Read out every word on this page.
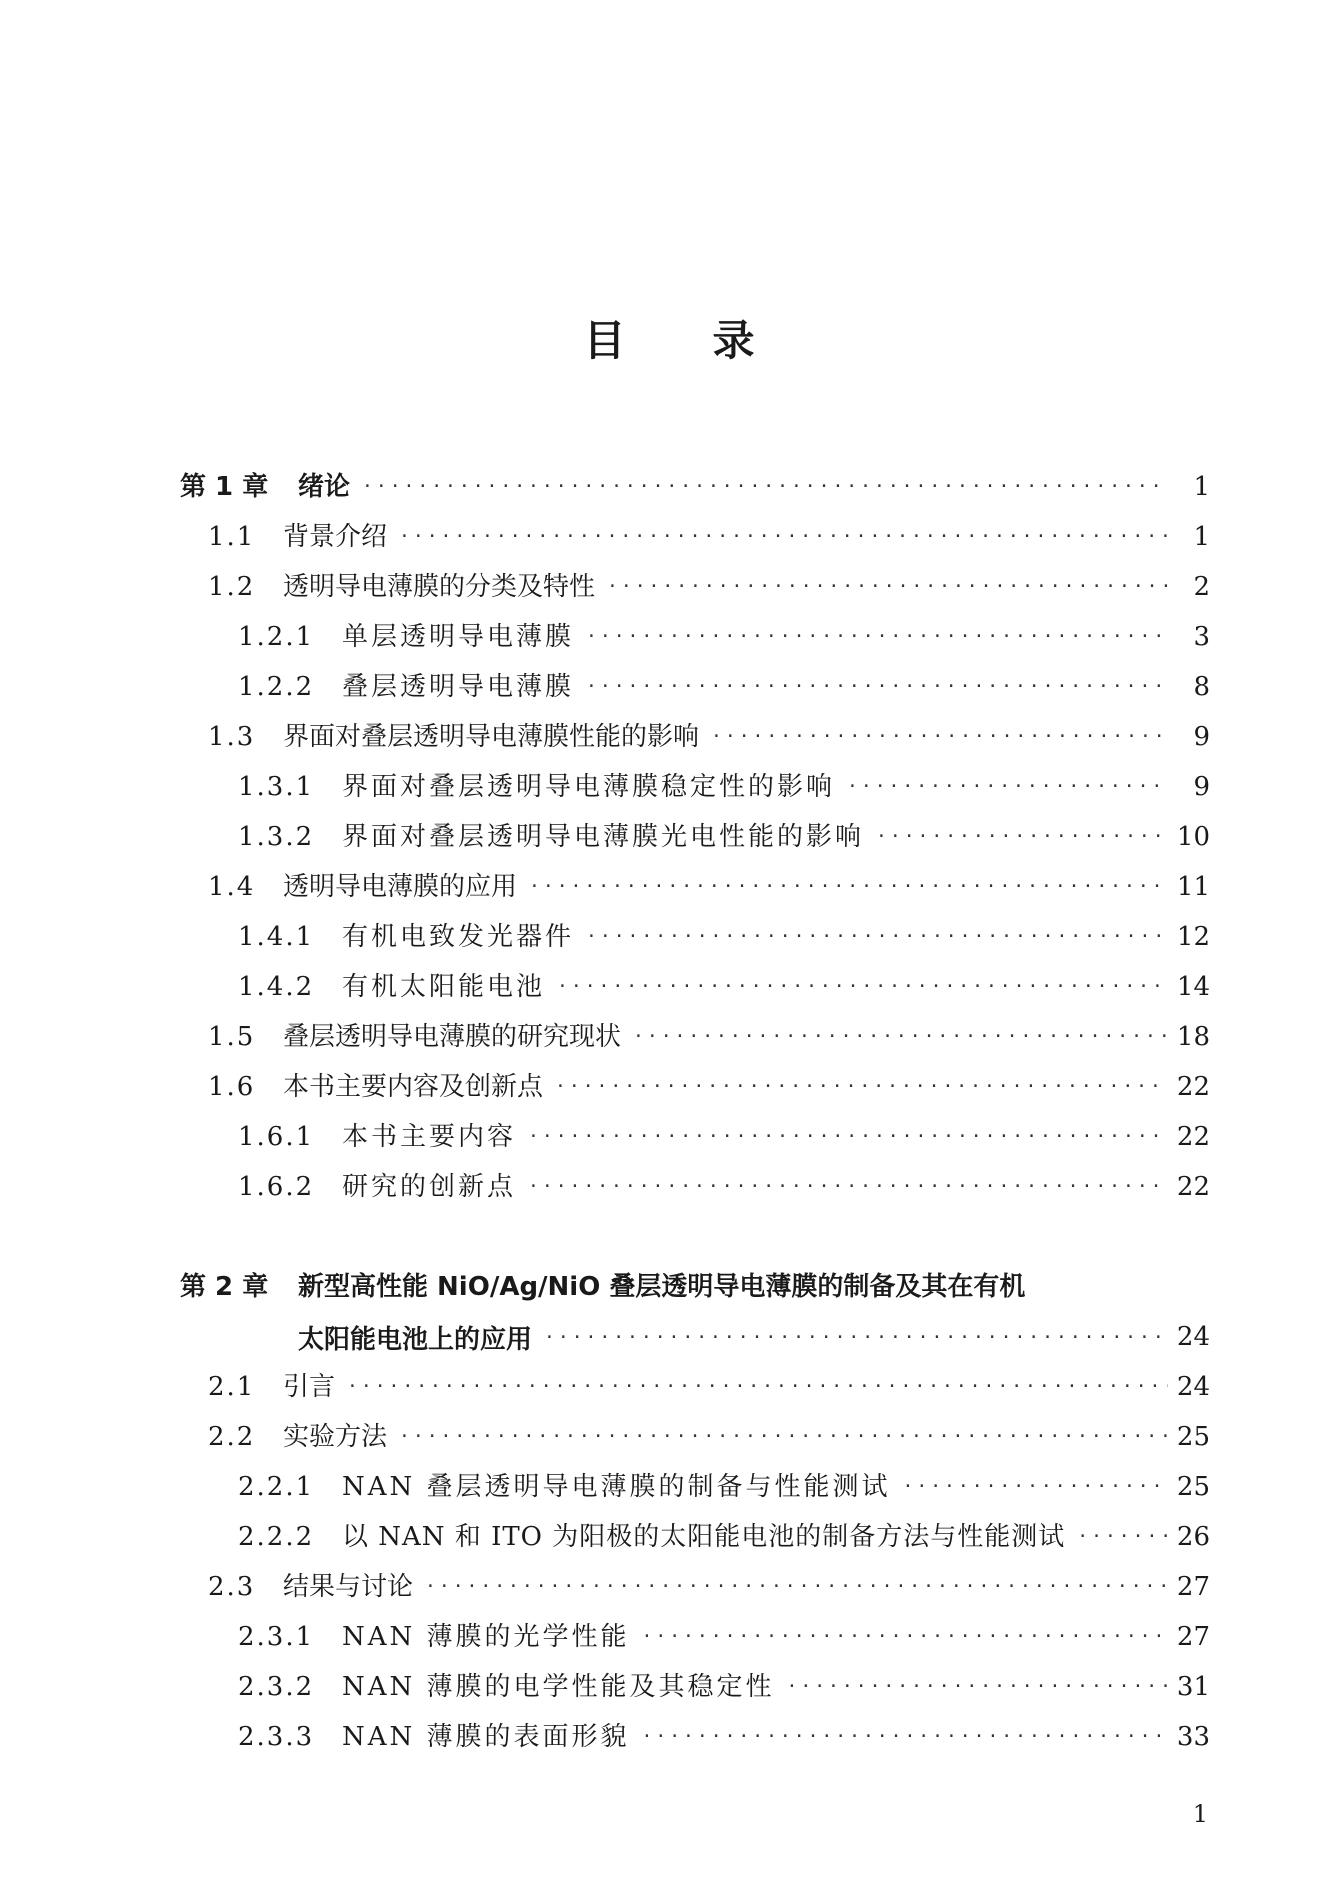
目 录
第 1 章	绪论 ·····	1
1.1	背景介绍 ·····	1
1.2	透明导电薄膜的分类及特性 ·····	2
1.2.1	单层透明导电薄膜 ·····	3
1.2.2	叠层透明导电薄膜 ·····	8
1.3	界面对叠层透明导电薄膜性能的影响 ·····	9
1.3.1	界面对叠层透明导电薄膜稳定性的影响 ·····	9
1.3.2	界面对叠层透明导电薄膜光电性能的影响 ·····	10
1.4	透明导电薄膜的应用 ·····	11
1.4.1	有机电致发光器件 ·····	12
1.4.2	有机太阳能电池 ·····	14
1.5	叠层透明导电薄膜的研究现状 ·····	18
1.6	本书主要内容及创新点 ·····	22
1.6.1	本书主要内容 ·····	22
1.6.2	研究的创新点 ·····	22
第 2 章	新型高性能 NiO/Ag/NiO 叠层透明导电薄膜的制备及其在有机
太阳能电池上的应用 ·····	24
2.1	引言 ·····	24
2.2	实验方法 ·····	25
2.2.1	NAN 叠层透明导电薄膜的制备与性能测试 ·····	25
2.2.2	以 NAN 和 ITO 为阳极的太阳能电池的制备方法与性能测试 ·····	26
2.3	结果与讨论 ·····	27
2.3.1	NAN 薄膜的光学性能 ·····	27
2.3.2	NAN 薄膜的电学性能及其稳定性 ·····	31
2.3.3	NAN 薄膜的表面形貌 ·····	33
1
